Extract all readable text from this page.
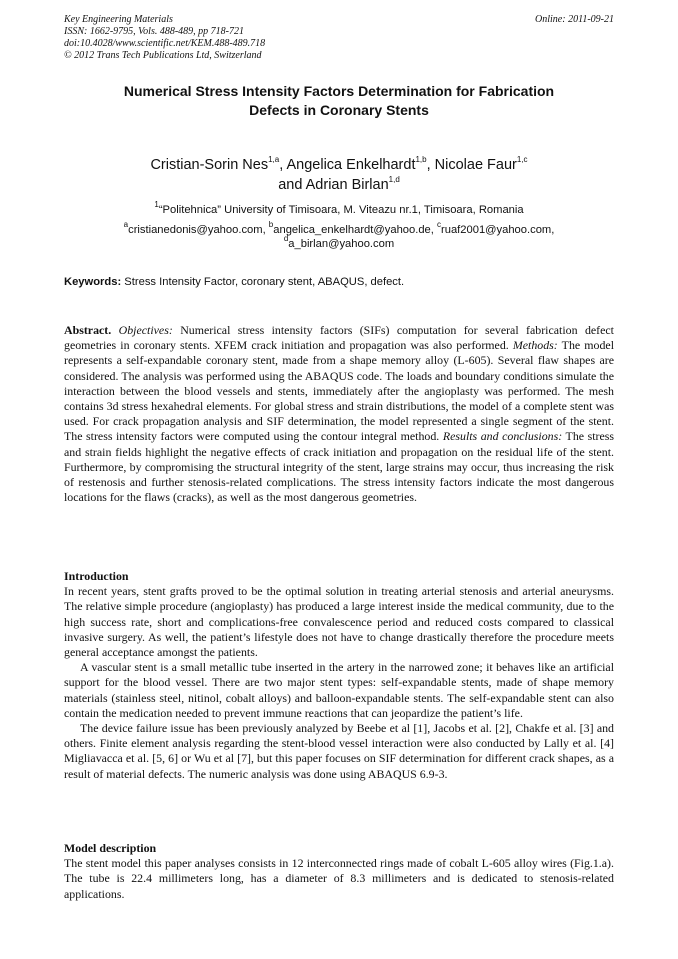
Key Engineering Materials
ISSN: 1662-9795, Vols. 488-489, pp 718-721
doi:10.4028/www.scientific.net/KEM.488-489.718
© 2012 Trans Tech Publications Ltd, Switzerland
Online: 2011-09-21
Numerical Stress Intensity Factors Determination for Fabrication
Defects in Coronary Stents
Cristian-Sorin Nes$^{1,a}$, Angelica Enkelhardt$^{1,b}$, Nicolae Faur$^{1,c}$
and Adrian Birlan$^{1,d}$
$^1$“Politehnica” University of Timisoara, M. Viteazu nr.1, Timisoara, Romania
$^a$cristianedonis@yahoo.com, $^b$angelica_enkelhardt@yahoo.de, $^c$ruaf2001@yahoo.com,
$^d$a_birlan@yahoo.com
Keywords: Stress Intensity Factor, coronary stent, ABAQUS, defect.

Abstract. Objectives: Numerical stress intensity factors (SIFs) computation for several fabrication defect geometries in coronary stents. XFEM crack initiation and propagation was also performed. Methods: The model represents a self-expandable coronary stent, made from a shape memory alloy (L-605). Several flaw shapes are considered. The analysis was performed using the ABAQUS code. The loads and boundary conditions simulate the interaction between the blood vessels and stents, immediately after the angioplasty was performed. The mesh contains 3d stress hexahedral elements. For global stress and strain distributions, the model of a complete stent was used. For crack propagation analysis and SIF determination, the model represented a single segment of the stent. The stress intensity factors were computed using the contour integral method. Results and conclusions: The stress and strain fields highlight the negative effects of crack initiation and propagation on the residual life of the stent. Furthermore, by compromising the structural integrity of the stent, large strains may occur, thus increasing the risk of restenosis and further stenosis-related complications. The stress intensity factors indicate the most dangerous locations for the flaws (cracks), as well as the most dangerous geometries.

Introduction

In recent years, stent grafts proved to be the optimal solution in treating arterial stenosis and arterial aneurysms. The relative simple procedure (angioplasty) has produced a large interest inside the medical community, due to the high success rate, short and complications-free convalescence period and reduced costs compared to classical invasive surgery. As well, the patient’s lifestyle does not have to change drastically therefore the procedure meets general acceptance amongst the patients.

A vascular stent is a small metallic tube inserted in the artery in the narrowed zone; it behaves like an artificial support for the blood vessel. There are two major stent types: self-expandable stents, made of shape memory materials (stainless steel, nitinol, cobalt alloys) and balloon-expandable stents. The self-expandable stent can also contain the medication needed to prevent immune reactions that can jeopardize the patient’s life.

The device failure issue has been previously analyzed by Beebe et al [1], Jacobs et al. [2], Chakfe et al. [3] and others. Finite element analysis regarding the stent-blood vessel interaction were also conducted by Lally et al. [4] Migliavacca et al. [5, 6] or Wu et al [7], but this paper focuses on SIF determination for different crack shapes, as a result of material defects. The numeric analysis was done using ABAQUS 6.9-3.

Model description

The stent model this paper analyses consists in 12 interconnected rings made of cobalt L-605 alloy wires (Fig.1.a). The tube is 22.4 millimeters long, has a diameter of 8.3 millimeters and is dedicated to stenosis-related applications.
